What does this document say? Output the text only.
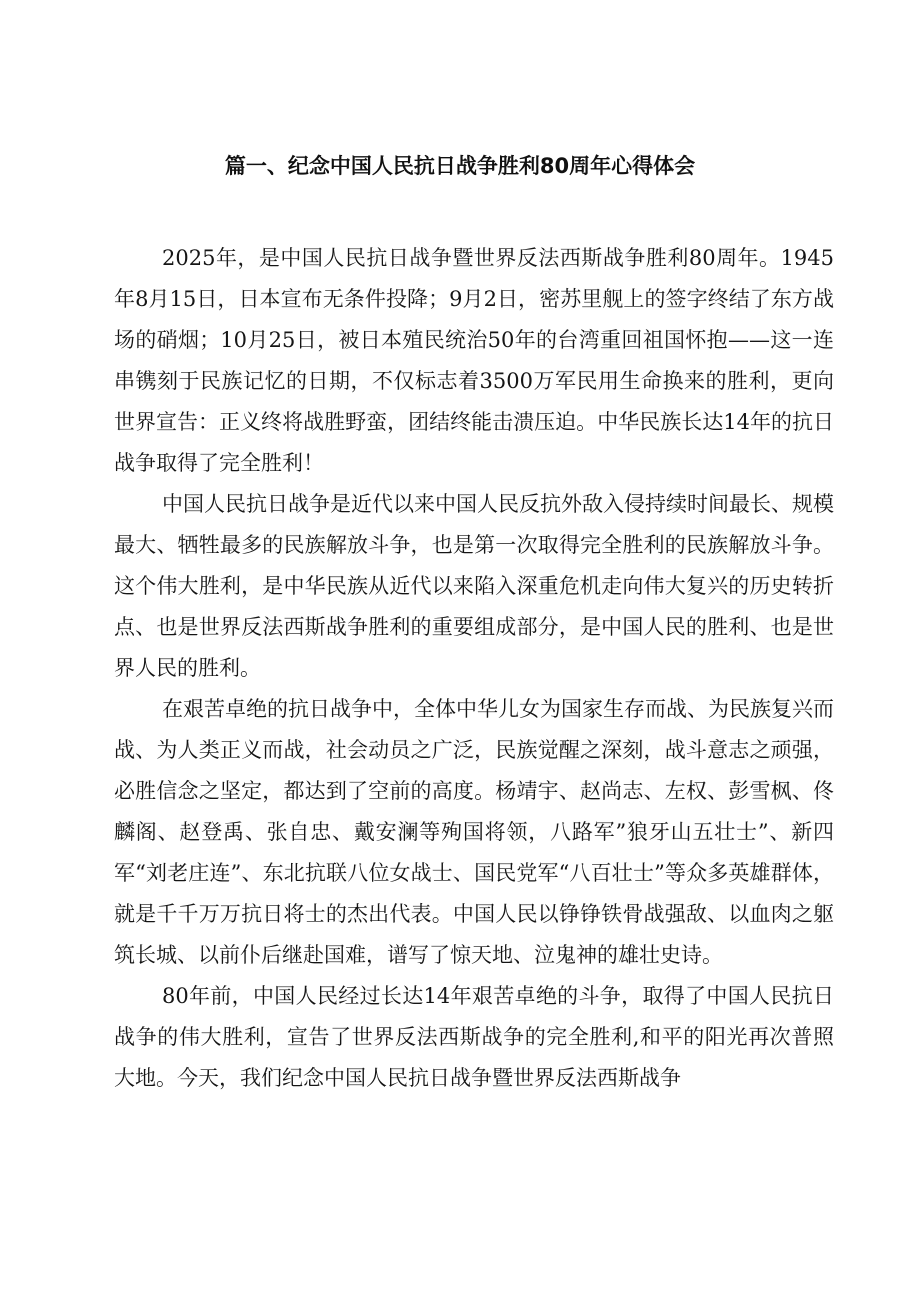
篇一、纪念中国人民抗日战争胜利80周年心得体会

2025年，是中国人民抗日战争暨世界反法西斯战争胜利80周年。1945年8月15日，日本宣布无条件投降；9月2日，密苏里舰上的签字终结了东方战场的硝烟；10月25日，被日本殖民统治50年的台湾重回祖国怀抱——这一连串镌刻于民族记忆的日期，不仅标志着3500万军民用生命换来的胜利，更向世界宣告：正义终将战胜野蛮，团结终能击溃压迫。中华民族长达14年的抗日战争取得了完全胜利！

中国人民抗日战争是近代以来中国人民反抗外敌入侵持续时间最长、规模最大、牺牲最多的民族解放斗争，也是第一次取得完全胜利的民族解放斗争。这个伟大胜利，是中华民族从近代以来陷入深重危机走向伟大复兴的历史转折点、也是世界反法西斯战争胜利的重要组成部分，是中国人民的胜利、也是世界人民的胜利。

在艰苦卓绝的抗日战争中，全体中华儿女为国家生存而战、为民族复兴而战、为人类正义而战，社会动员之广泛，民族觉醒之深刻，战斗意志之顽强，必胜信念之坚定，都达到了空前的高度。杨靖宇、赵尚志、左权、彭雪枫、佟麟阁、赵登禹、张自忠、戴安澜等殉国将领，八路军”狼牙山五壮士”、新四军“刘老庄连”、东北抗联八位女战士、国民党军“八百壮士”等众多英雄群体，就是千千万万抗日将士的杰出代表。中国人民以铮铮铁骨战强敌、以血肉之躯筑长城、以前仆后继赴国难，谱写了惊天地、泣鬼神的雄壮史诗。

80年前，中国人民经过长达14年艰苦卓绝的斗争，取得了中国人民抗日战争的伟大胜利，宣告了世界反法西斯战争的完全胜利,和平的阳光再次普照大地。今天，我们纪念中国人民抗日战争暨世界反法西斯战争
